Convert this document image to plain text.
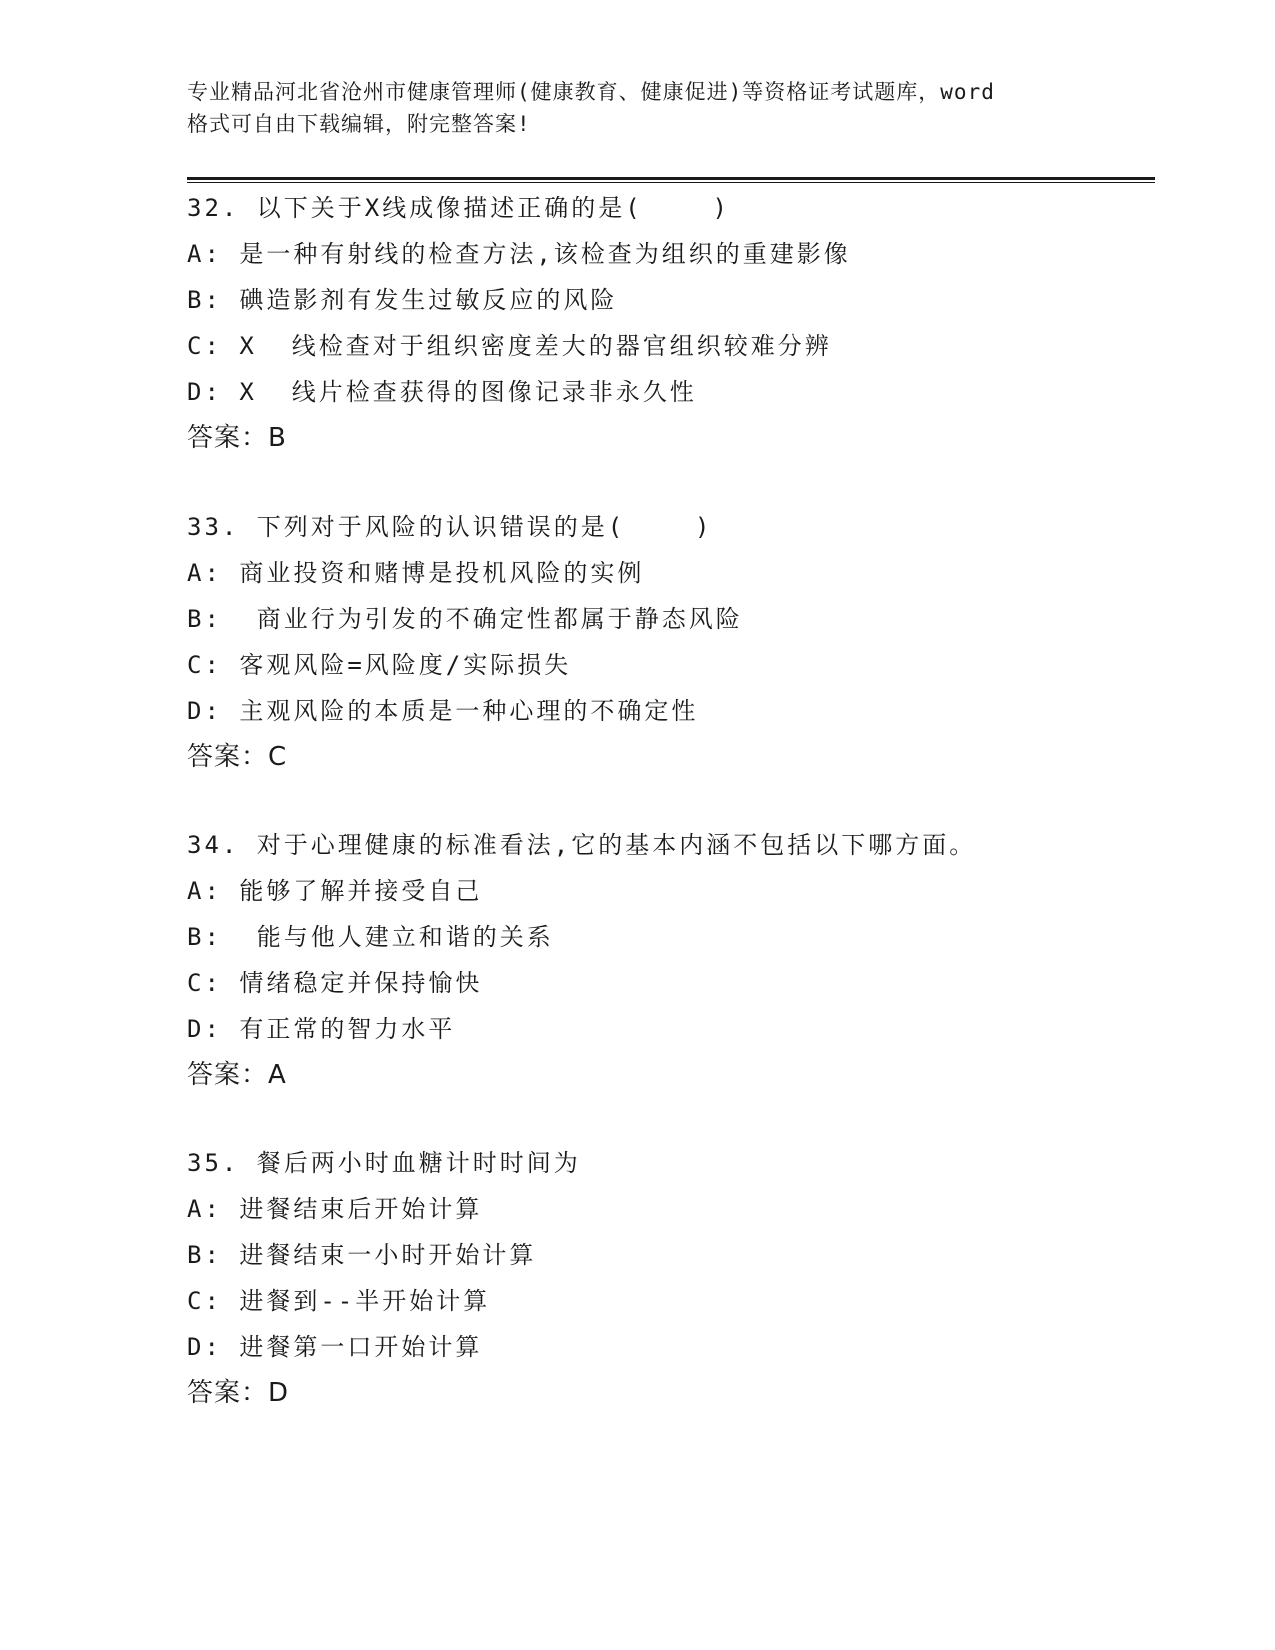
专业精品河北省沧州市健康管理师(健康教育、健康促进)等资格证考试题库，word
格式可自由下载编辑，附完整答案!
32. 以下关于X线成像描述正确的是(    )
A: 是一种有射线的检查方法,该检查为组织的重建影像
B: 碘造影剂有发生过敏反应的风险
C: X  线检查对于组织密度差大的器官组织较难分辨
D: X  线片检查获得的图像记录非永久性
答案：B
33. 下列对于风险的认识错误的是(    )
A: 商业投资和赌博是投机风险的实例
B:  商业行为引发的不确定性都属于静态风险
C: 客观风险=风险度/实际损失
D: 主观风险的本质是一种心理的不确定性
答案：C
34. 对于心理健康的标准看法,它的基本内涵不包括以下哪方面。
A: 能够了解并接受自己
B:  能与他人建立和谐的关系
C: 情绪稳定并保持愉快
D: 有正常的智力水平
答案：A
35. 餐后两小时血糖计时时间为
A: 进餐结束后开始计算
B: 进餐结束一小时开始计算
C: 进餐到--半开始计算
D: 进餐第一口开始计算
答案：D
